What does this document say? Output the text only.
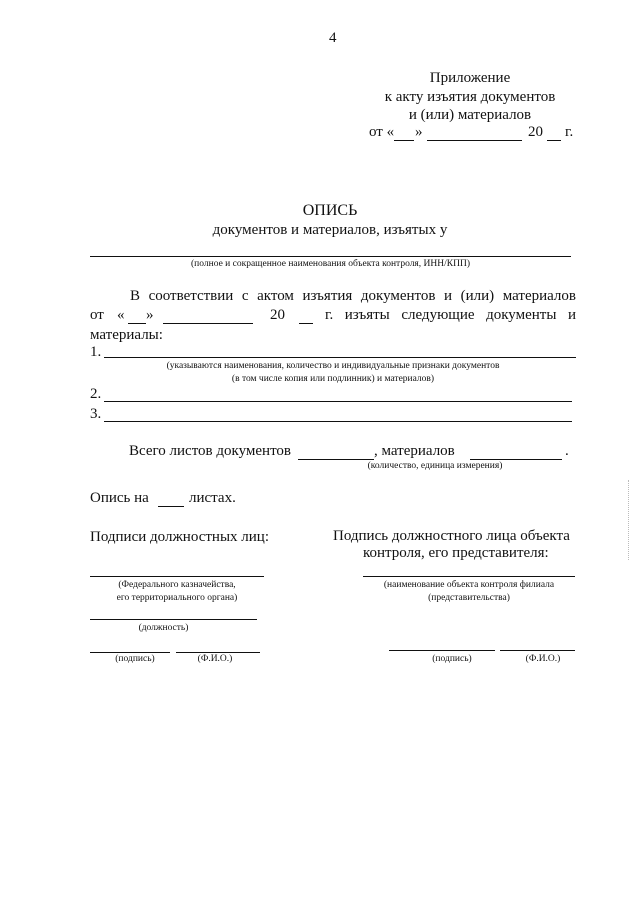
4
Приложение
к акту изъятия документов
и (или) материалов
от « »	20 г.
ОПИСЬ
документов и материалов, изъятых у
(полное и сокращенное наименования объекта контроля, ИНН/КПП)
В соответствии с актом изъятия документов и (или) материалов
от « »	20	г. изъяты следующие документы и
материалы:
1.
(указываются наименования, количество и индивидуальные признаки документов
(в том числе копия или подлинник) и материалов)
2.
3.
Всего листов документов	, материалов	.
(количество, единица измерения)
Опись на	листах.
Подписи должностных лиц:	Подпись должностного лица объекта
контроля, его представителя:
(Федерального казначейства,
его территориального органа)
(должность)
(подпись)	(Ф.И.О.)
(наименование объекта контроля филиала
(представительства)
(подпись)	(Ф.И.О.)
